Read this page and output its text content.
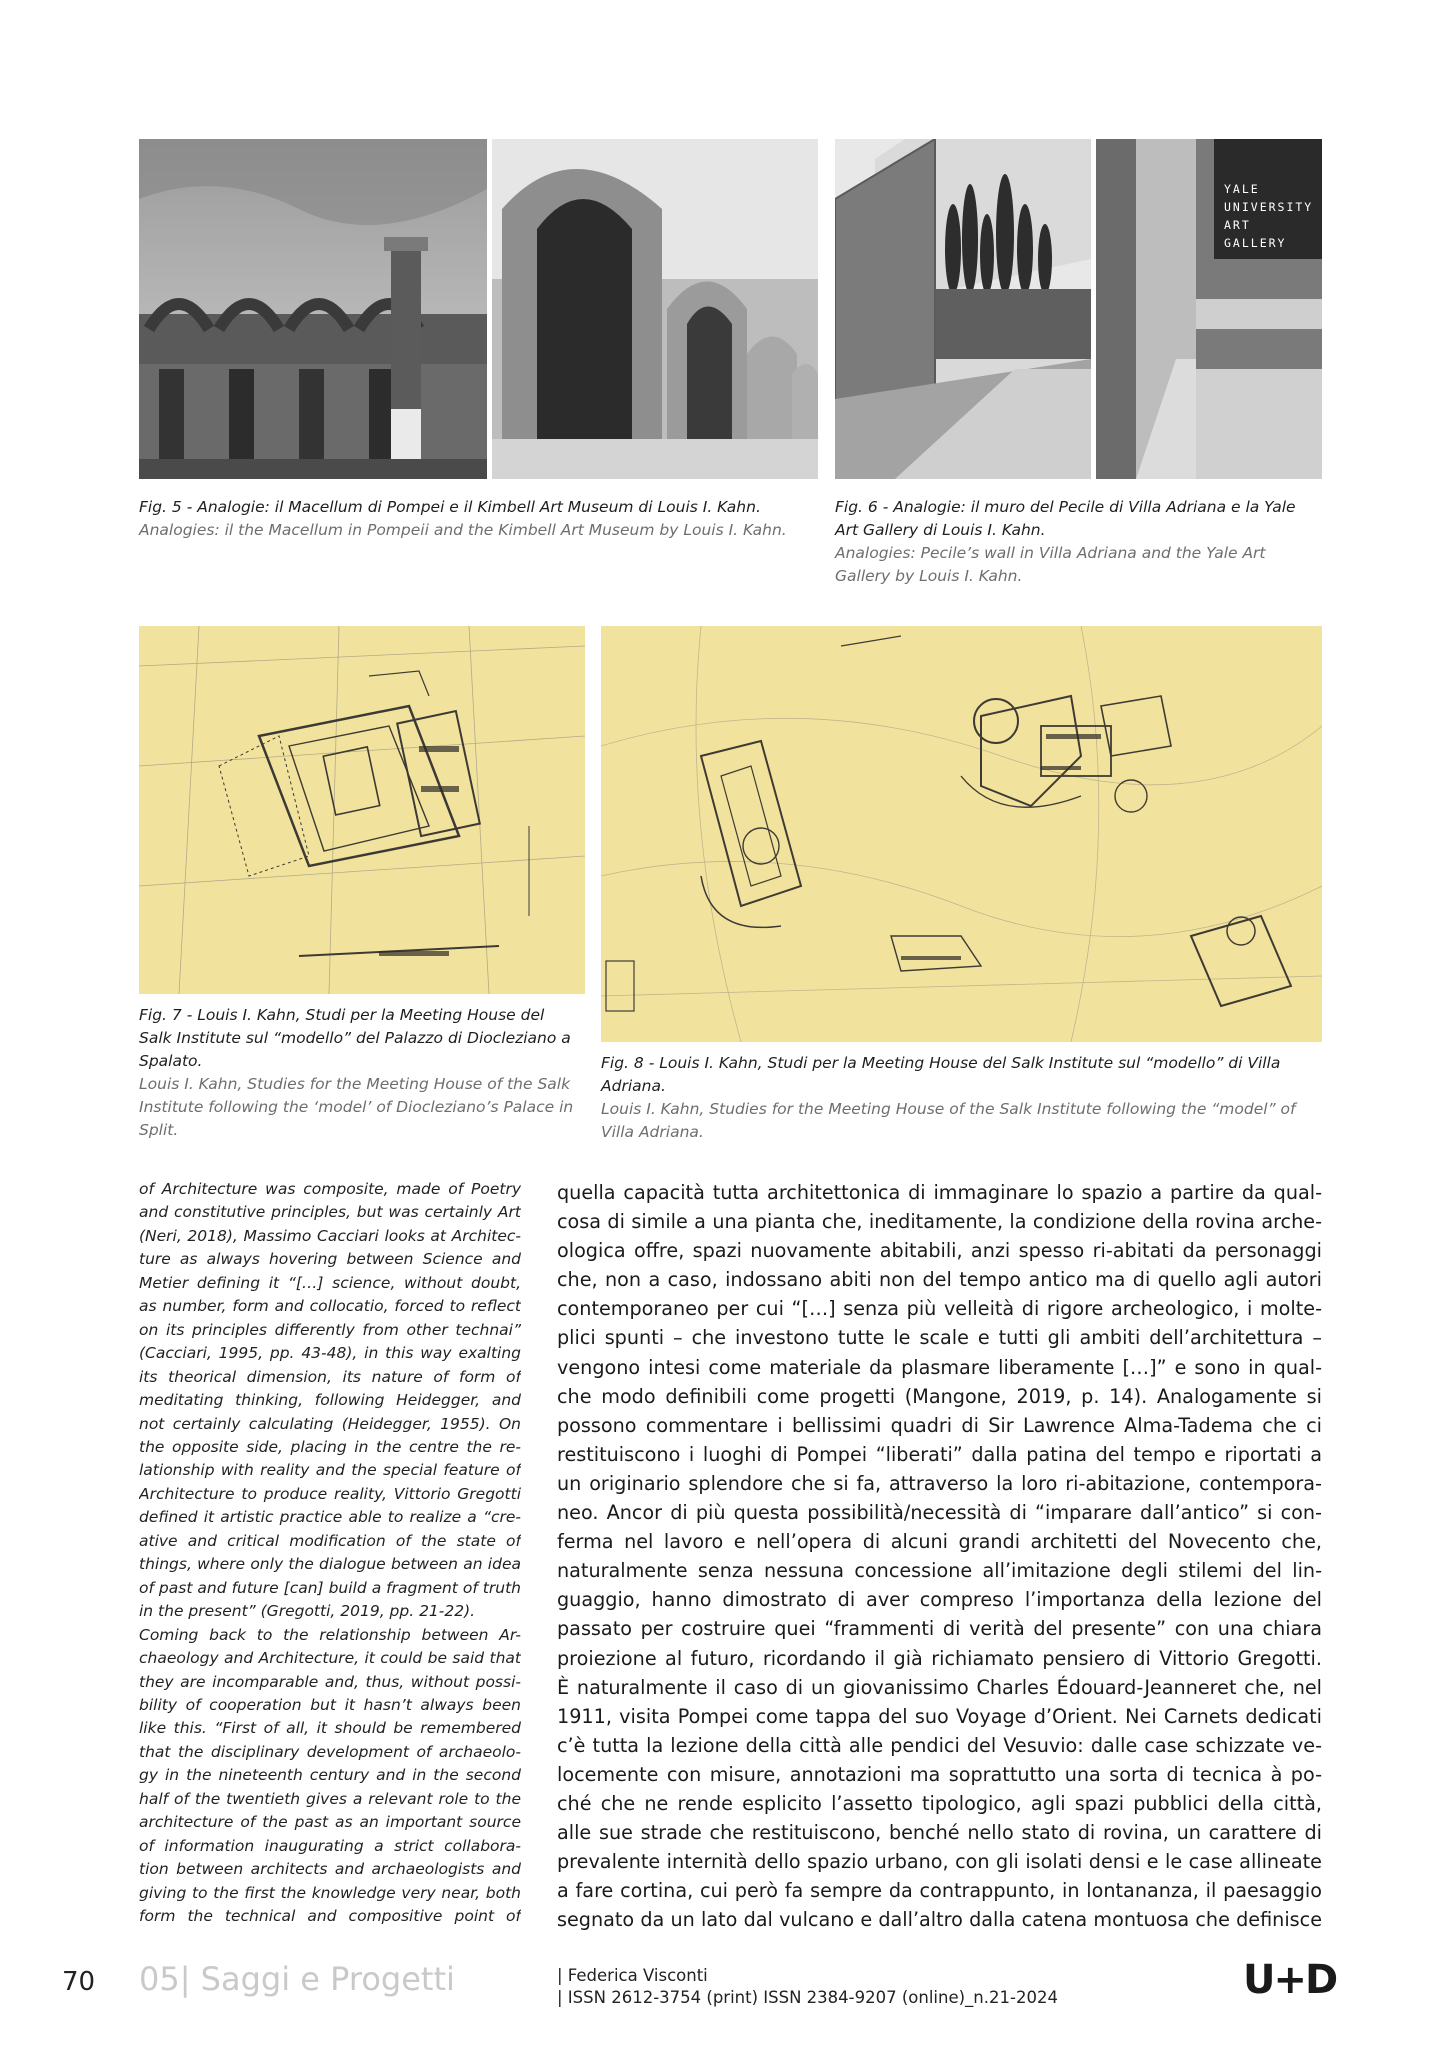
Fig. 5 - Analogie: il Macellum di Pompei e il Kimbell Art Museum di Louis I. Kahn.

Analogies: il the Macellum in Pompeii and the Kimbell Art Museum by Louis I. Kahn.

YALE
UNIVERSITY
ART
GALLERY

Fig. 6 - Analogie: il muro del Pecile di Villa Adriana e la Yale

Art Gallery di Louis I. Kahn.

Analogies: Pecile’s wall in Villa Adriana and the Yale Art

Gallery by Louis I. Kahn.

Fig. 7 - Louis I. Kahn, Studi per la Meeting House del

Salk Institute sul “modello” del Palazzo di Diocleziano a

Spalato.

Louis I. Kahn, Studies for the Meeting House of the Salk

Institute following the ‘model’ of Diocleziano’s Palace in

Split.

Fig. 8 - Louis I. Kahn, Studi per la Meeting House del Salk Institute sul “modello” di Villa

Adriana.

Louis I. Kahn, Studies for the Meeting House of the Salk Institute following the “model” of

Villa Adriana.

of Architecture was composite, made of Poetry
and constitutive principles, but was certainly Art
(Neri, 2018), Massimo Cacciari looks at Architec-
ture as always hovering between Science and
Metier defining it “[…] science, without doubt,
as number, form and collocatio, forced to reflect
on its principles differently from other technai”
(Cacciari, 1995, pp. 43-48), in this way exalting
its theorical dimension, its nature of form of
meditating thinking, following Heidegger, and
not certainly calculating (Heidegger, 1955). On
the opposite side, placing in the centre the re-
lationship with reality and the special feature of
Architecture to produce reality, Vittorio Gregotti
defined it artistic practice able to realize a “cre-
ative and critical modification of the state of
things, where only the dialogue between an idea
of past and future [can] build a fragment of truth
in the present” (Gregotti, 2019, pp. 21-22).
Coming back to the relationship between Ar-
chaeology and Architecture, it could be said that
they are incomparable and, thus, without possi-
bility of cooperation but it hasn’t always been
like this. “First of all, it should be remembered
that the disciplinary development of archaeolo-
gy in the nineteenth century and in the second
half of the twentieth gives a relevant role to the
architecture of the past as an important source
of information inaugurating a strict collabora-
tion between architects and archaeologists and
giving to the first the knowledge very near, both
form the technical and compositive point of
quella capacità tutta architettonica di immaginare lo spazio a partire da qual-
cosa di simile a una pianta che, ineditamente, la condizione della rovina arche-
ologica offre, spazi nuovamente abitabili, anzi spesso ri-abitati da personaggi
che, non a caso, indossano abiti non del tempo antico ma di quello agli autori
contemporaneo per cui “[…] senza più velleità di rigore archeologico, i molte-
plici spunti – che investono tutte le scale e tutti gli ambiti dell’architettura –
vengono intesi come materiale da plasmare liberamente […]” e sono in qual-
che modo definibili come progetti (Mangone, 2019, p. 14). Analogamente si
possono commentare i bellissimi quadri di Sir Lawrence Alma-Tadema che ci
restituiscono i luoghi di Pompei “liberati” dalla patina del tempo e riportati a
un originario splendore che si fa, attraverso la loro ri-abitazione, contempora-
neo. Ancor di più questa possibilità/necessità di “imparare dall’antico” si con-
ferma nel lavoro e nell’opera di alcuni grandi architetti del Novecento che,
naturalmente senza nessuna concessione all’imitazione degli stilemi del lin-
guaggio, hanno dimostrato di aver compreso l’importanza della lezione del
passato per costruire quei “frammenti di verità del presente” con una chiara
proiezione al futuro, ricordando il già richiamato pensiero di Vittorio Gregotti.
È naturalmente il caso di un giovanissimo Charles Édouard-Jeanneret che, nel
1911, visita Pompei come tappa del suo Voyage d’Orient. Nei Carnets dedicati
c’è tutta la lezione della città alle pendici del Vesuvio: dalle case schizzate ve-
locemente con misure, annotazioni ma soprattutto una sorta di tecnica à po-
ché che ne rende esplicito l’assetto tipologico, agli spazi pubblici della città,
alle sue strade che restituiscono, benché nello stato di rovina, un carattere di
prevalente internità dello spazio urbano, con gli isolati densi e le case allineate
a fare cortina, cui però fa sempre da contrappunto, in lontananza, il paesaggio
segnato da un lato dal vulcano e dall’altro dalla catena montuosa che definisce
70 05| Saggi e Progetti	| Federica Visconti
| ISSN 2612-3754 (print) ISSN 2384-9207 (online)_n.21-2024	U+D
